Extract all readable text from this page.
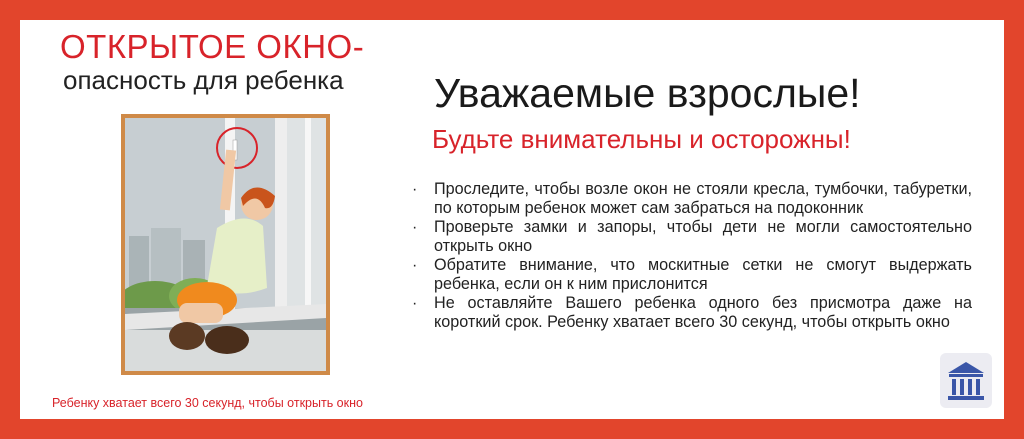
ОТКРЫТОЕ ОКНО-
опасность для ребенка
Ребенку хватает всего 30 секунд, чтобы открыть окно
Уважаемые взрослые!
Будьте внимательны и осторожны!
· Проследите, чтобы возле окон не стояли кресла, тумбочки, табуретки, по которым ребенок может сам забраться на подоконник
· Проверьте замки и запоры, чтобы дети не могли самостоятельно открыть окно
· Обратите внимание, что москитные сетки не смогут выдержать ребенка, если он к ним прислонится
· Не оставляйте Вашего ребенка одного без присмотра даже на короткий срок. Ребенку хватает всего 30 секунд, чтобы открыть окно
